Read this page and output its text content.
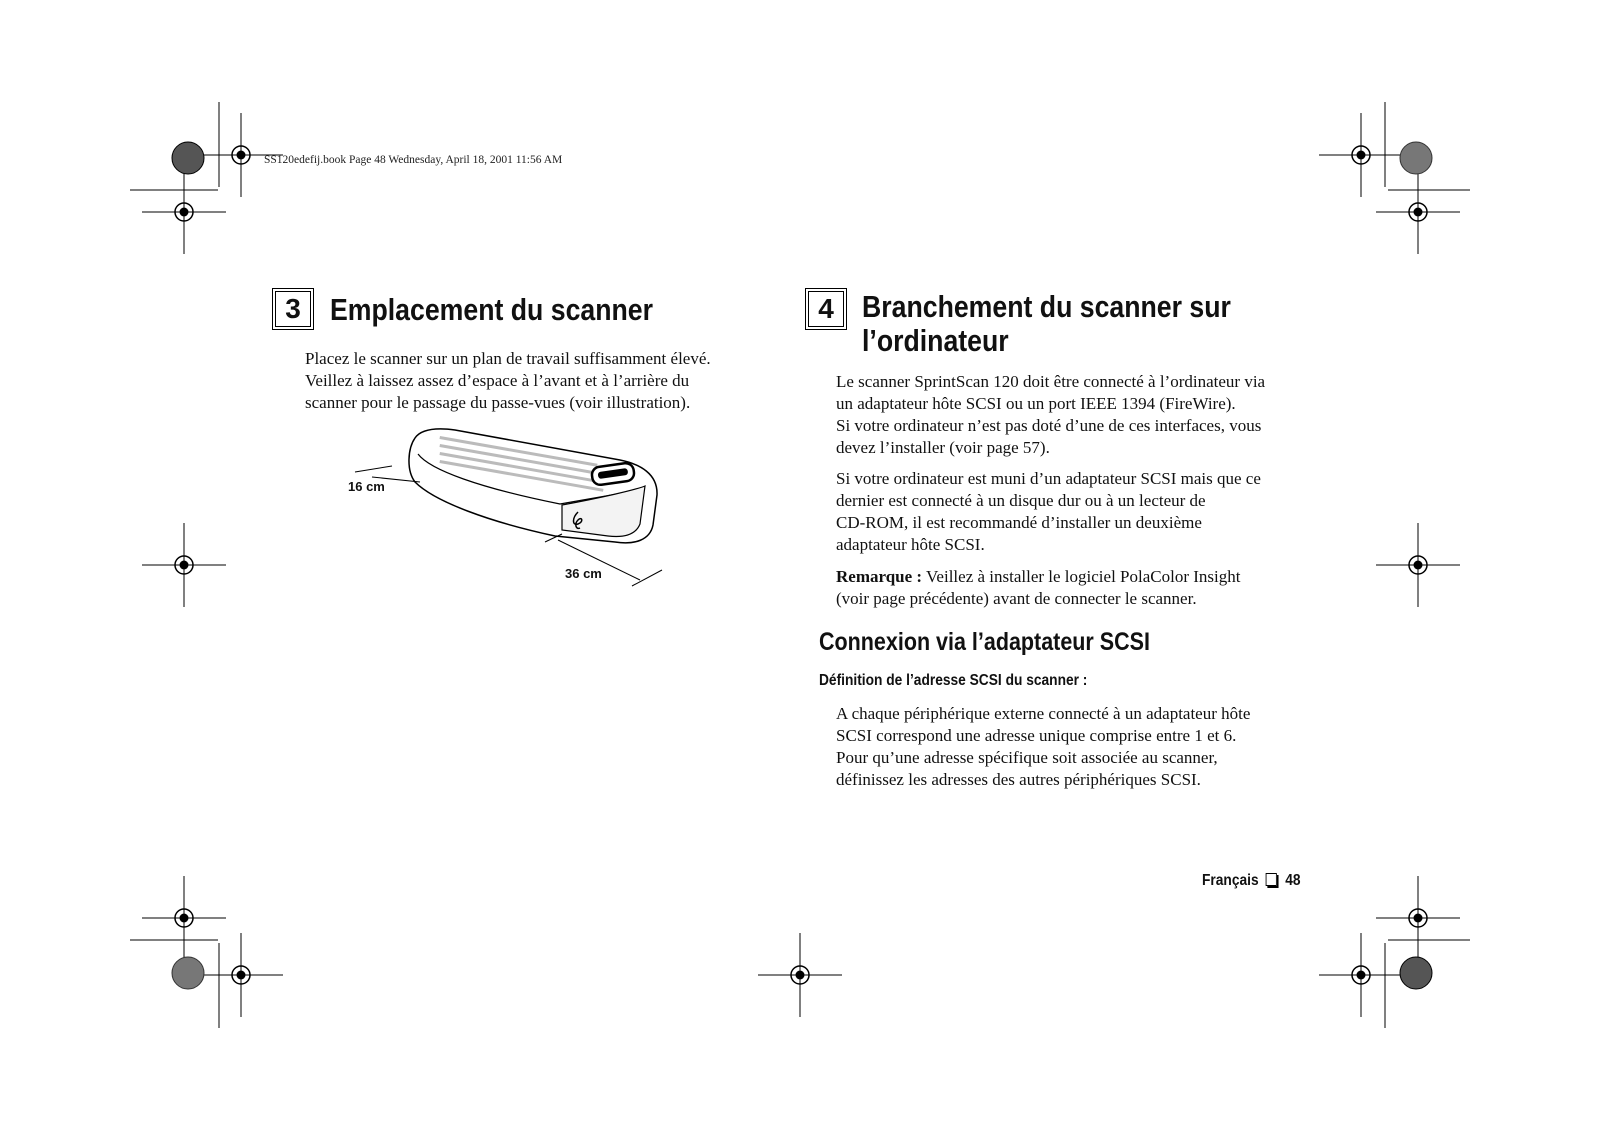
SS120edefij.book Page 48 Wednesday, April 18, 2001 11:56 AM
3 Emplacement du scanner
Placez le scanner sur un plan de travail suffisamment élevé.
Veillez à laissez assez d’espace à l’avant et à l’arrière du
scanner pour le passage du passe-vues (voir illustration).
16 cm
36 cm
4 Branchement du scanner sur
l’ordinateur
Le scanner SprintScan 120 doit être connecté à l’ordinateur via
un adaptateur hôte SCSI ou un port IEEE 1394 (FireWire).
Si votre ordinateur n’est pas doté d’une de ces interfaces, vous
devez l’installer (voir page 57).
Si votre ordinateur est muni d’un adaptateur SCSI mais que ce
dernier est connecté à un disque dur ou à un lecteur de
CD-ROM, il est recommandé d’installer un deuxième
adaptateur hôte SCSI.
Remarque : Veillez à installer le logiciel PolaColor Insight
(voir page précédente) avant de connecter le scanner.
Connexion via l’adaptateur SCSI
Définition de l’adresse SCSI du scanner :
A chaque périphérique externe connecté à un adaptateur hôte
SCSI correspond une adresse unique comprise entre 1 et 6.
Pour qu’une adresse spécifique soit associée au scanner,
définissez les adresses des autres périphériques SCSI.
Français 48
